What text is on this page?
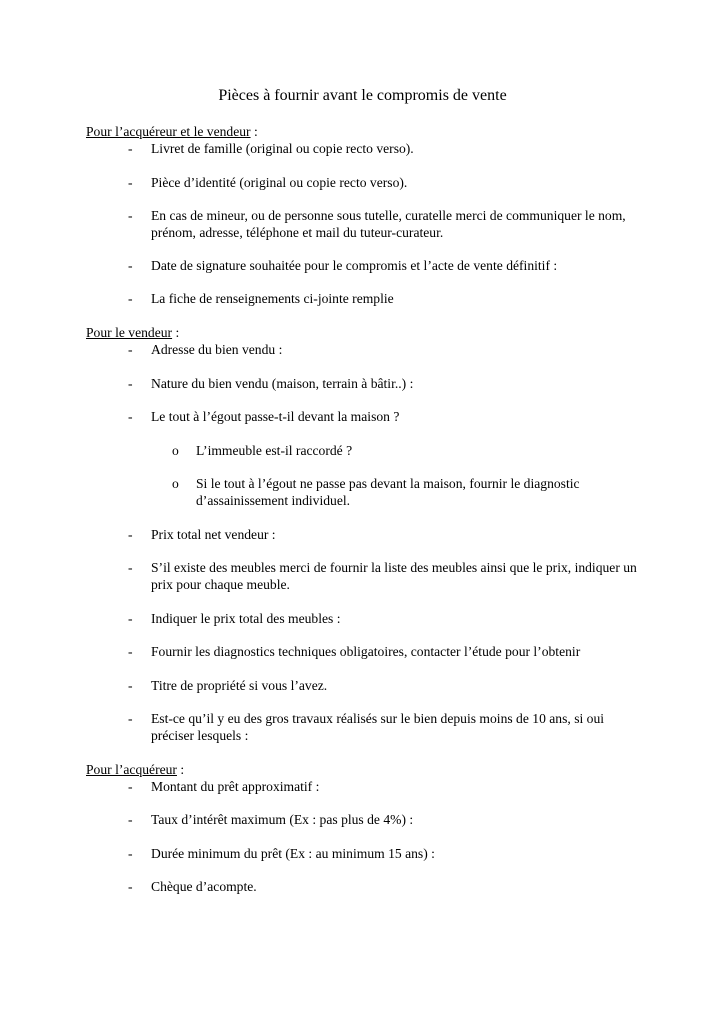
Pièces à fournir avant le compromis de vente
Pour l’acquéreur et le vendeur :
- Livret de famille (original ou copie recto verso).
- Pièce d’identité (original ou copie recto verso).
- En cas de mineur, ou de personne sous tutelle, curatelle merci de communiquer le nom, prénom, adresse, téléphone et mail du tuteur-curateur.
- Date de signature souhaitée pour le compromis et l’acte de vente définitif :
- La fiche de renseignements ci-jointe remplie
Pour le vendeur :
- Adresse du bien vendu :
- Nature du bien vendu (maison, terrain à bâtir..) :
- Le tout à l’égout passe-t-il devant la maison ?
o L’immeuble est-il raccordé ?
o Si le tout à l’égout ne passe pas devant la maison, fournir le diagnostic d’assainissement individuel.
- Prix total net vendeur :
- S’il existe des meubles merci de fournir la liste des meubles ainsi que le prix, indiquer un prix pour chaque meuble.
- Indiquer le prix total des meubles :
- Fournir les diagnostics techniques obligatoires, contacter l’étude pour l’obtenir
- Titre de propriété si vous l’avez.
- Est-ce qu’il y eu des gros travaux réalisés sur le bien depuis moins de 10 ans, si oui préciser lesquels :
Pour l’acquéreur :
- Montant du prêt approximatif :
- Taux d’intérêt maximum (Ex : pas plus de 4%) :
- Durée minimum du prêt (Ex : au minimum 15 ans) :
- Chèque d’acompte.
